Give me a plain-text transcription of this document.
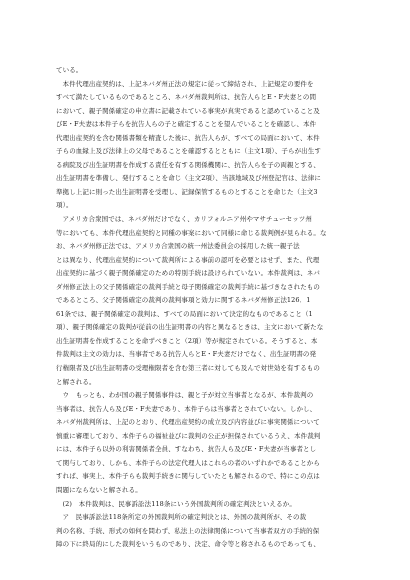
ている。

本件代理出産契約は、上記ネバダ州正法の規定に従って締結され、上記規定の要件を

すべて満たしているものであるところ、ネバダ州裁判所は、抗告人らとE・F夫妻との間

において、親子関係確定の申立書に記載されている事実が真実であると認めていること及

びE・F夫妻は本件子らを抗告人らの子と確定することを望んでいることを確認し、本件

代理出産契約を含む関係書類を精査した後に、抗告人らが、すべての局面において、本件

子らの血縁上及び法律上の父母であることを確認するとともに（主文1項）、子らが出生す

る病院及び出生証明書を作成する責任を有する関係機関に、抗告人らを子の両親とする、

出生証明書を準備し、発行することを命じ（主文2項）、当該地域及び州登記官は、法律に

準拠し上記に則った出生証明書を受理し、記録保管するものとすることを命じた（主文3

項）。

アメリカ合衆国では、ネバダ州だけでなく、カリフォルニア州やマサチューセッツ州

等においても、本件代理出産契約と同種の事案において同様に命じる裁判例が見られる。な

お、ネバダ州修正法では、アメリカ合衆国の統一州法委員会の採用した統一親子法

とは異なり、代理出産契約について裁判所による事前の認可を必要とはせず、また、代理

出産契約に基づく親子関係確定のための特別手続は設けられていない。本件裁判は、ネバ

ダ州修正法上の父子関係確定の裁判手続と母子関係確定の裁判手続に基づきなされたもの

であるところ、父子関係確定の裁判の裁判事項と効力に関するネバダ州修正法126．1

61条では、親子関係確定の裁判は、すべての局面において決定的なものであること（1

項）、親子関係確定の裁判が従前の出生証明書の内容と異なるときは、主文において新たな

出生証明書を作成することを命ずべきこと（2項）等が規定されている。そうすると、本

件裁判は主文の効力は、当事者である抗告人らとE・F夫妻だけでなく、出生証明書の発

行権限者及び出生証明書の受理権限者を含む第三者に対しても及んで対世効を有するもの

と解される。

ウ　もっとも、わが国の親子関係事件は、親と子が対立当事者となるが、本件裁判の

当事者は、抗告人ら及びE・F夫妻であり、本件子らは当事者とされていない。しかし、

ネバダ州裁判所は、上記のとおり、代理出産契約の成立及び内容並びに事実関係について

慎重に審理しており、本件子らの福祉並びに裁判の公正が担保されているうえ、本件裁判

には、本件子ら以外の利害関係者全員、すなわち、抗告人ら及びE・F夫妻が当事者とし

て関与しており、しかも、本件子らの法定代理人はこれらの者のいずれかであることから

すれば、事実上、本件子らも裁判手続きに関与していたとも解されるので、特にこの点は

問題にならないと解される。

(2)　本件裁判は、民事訴訟法118条にいう外国裁判所の確定判決といえるか。

ア　民事訴訟法118条所定の外国裁判所の確定判決とは、外国の裁判所が、その裁

判の名称、手続、形式の如何を問わず、私法上の法律関係について当事者双方の手続的保

障の下に終局的にした裁判をいうものであり、決定、命令等と称されるものであっても、
